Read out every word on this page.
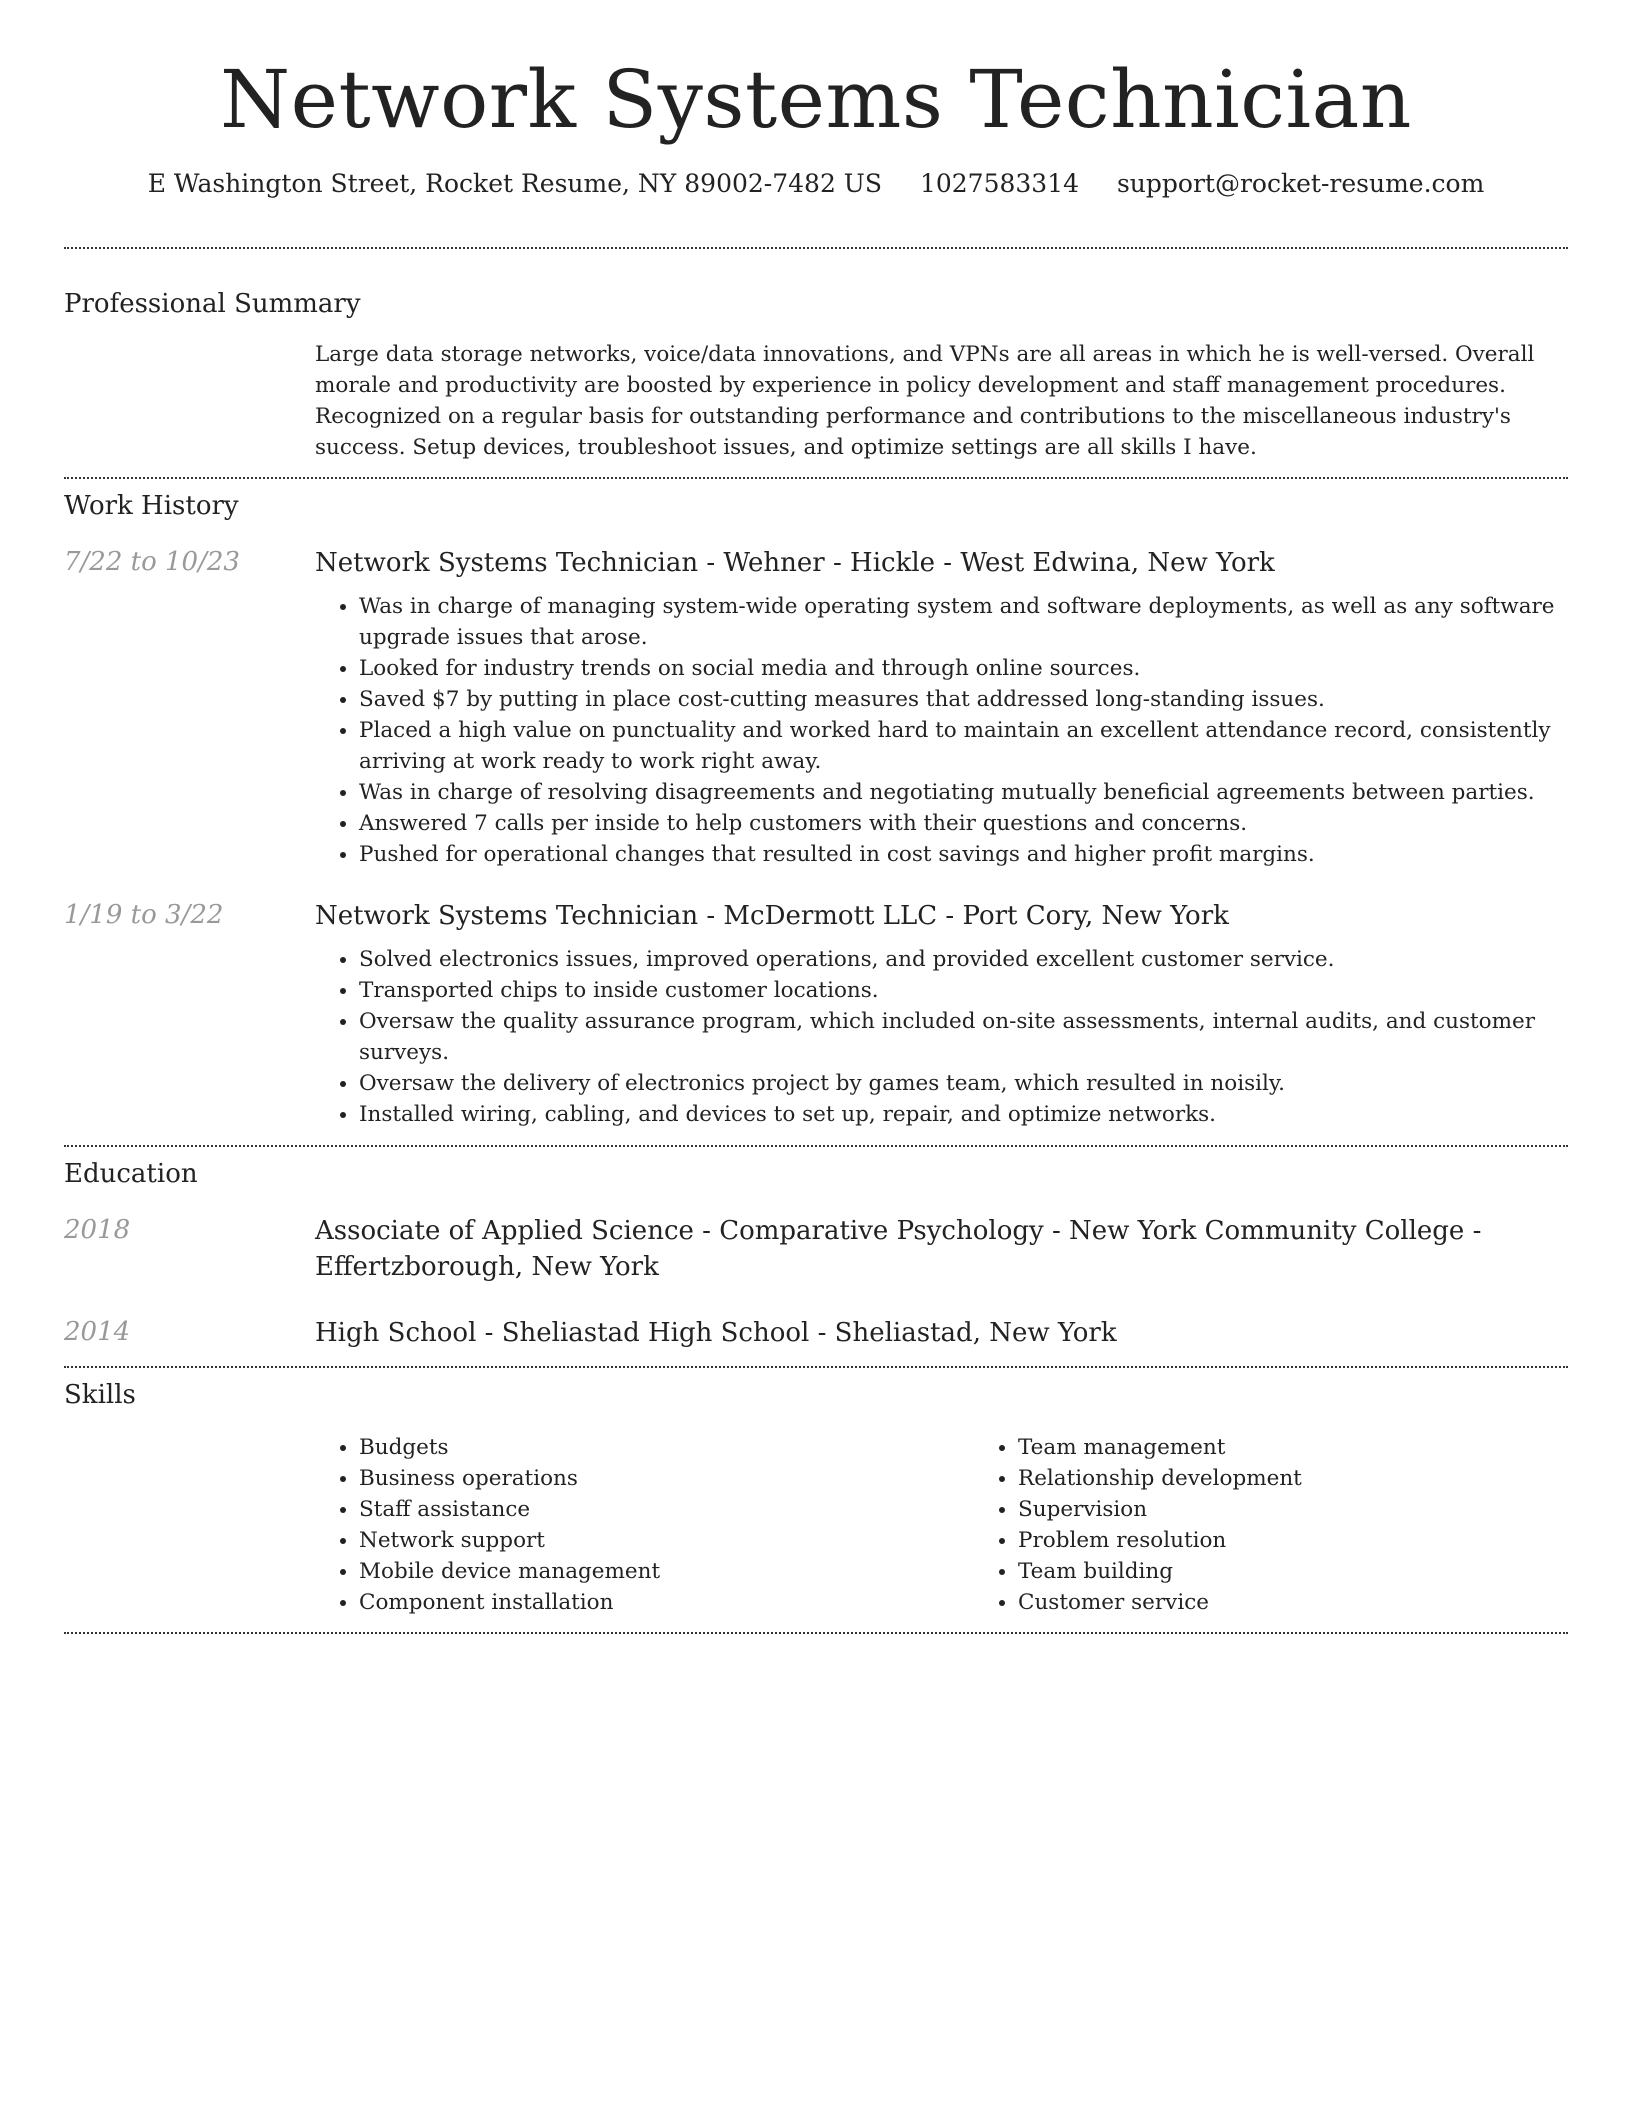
Network Systems Technician
E Washington Street, Rocket Resume, NY 89002-7482 US 1027583314 support@rocket-resume.com
Professional Summary
Large data storage networks, voice/data innovations, and VPNs are all areas in which he is well-versed. Overall morale and productivity are boosted by experience in policy development and staff management procedures. Recognized on a regular basis for outstanding performance and contributions to the miscellaneous industry's success. Setup devices, troubleshoot issues, and optimize settings are all skills I have.
Work History
7/22 to 10/23	Network Systems Technician - Wehner - Hickle - West Edwina, New York
• Was in charge of managing system-wide operating system and software deployments, as well as any software upgrade issues that arose.
• Looked for industry trends on social media and through online sources.
• Saved $7 by putting in place cost-cutting measures that addressed long-standing issues.
• Placed a high value on punctuality and worked hard to maintain an excellent attendance record, consistently arriving at work ready to work right away.
• Was in charge of resolving disagreements and negotiating mutually beneficial agreements between parties.
• Answered 7 calls per inside to help customers with their questions and concerns.
• Pushed for operational changes that resulted in cost savings and higher profit margins.
1/19 to 3/22	Network Systems Technician - McDermott LLC - Port Cory, New York
• Solved electronics issues, improved operations, and provided excellent customer service.
• Transported chips to inside customer locations.
• Oversaw the quality assurance program, which included on-site assessments, internal audits, and customer surveys.
• Oversaw the delivery of electronics project by games team, which resulted in noisily.
• Installed wiring, cabling, and devices to set up, repair, and optimize networks.
Education
2018	Associate of Applied Science - Comparative Psychology - New York Community College - Effertzborough, New York
2014	High School - Sheliastad High School - Sheliastad, New York
Skills
• Budgets
• Business operations
• Staff assistance
• Network support
• Mobile device management
• Component installation
• Team management
• Relationship development
• Supervision
• Problem resolution
• Team building
• Customer service
